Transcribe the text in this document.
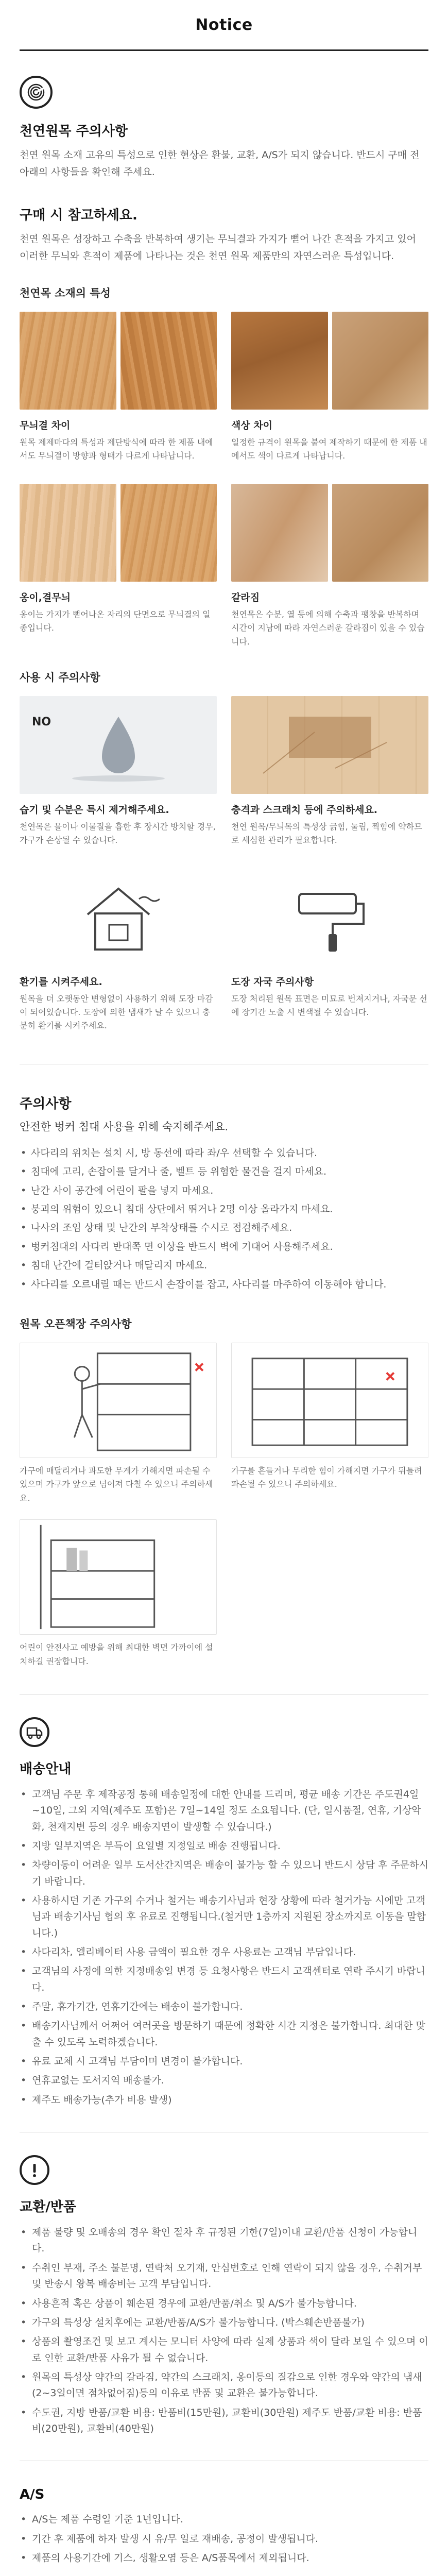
Notice
천연원목 주의사항

천연 원목 소재 고유의 특성으로 인한 현상은 환불, 교환, A/S가 되지 않습니다. 반드시 구매 전 아래의 사항들을 확인해 주세요.

구매 시 참고하세요.

천연 원목은 성장하고 수축을 반복하여 생기는 무늬결과 가지가 뻗어 나간 흔적을 가지고 있어 이러한 무늬와 흔적이 제품에 나타나는 것은 천연 원목 제품만의 자연스러운 특성입니다.

천연목 소재의 특성
무늬결 차이
원목 제제마다의 특성과 제단방식에 따라 한 제품 내에서도 무늬결이 방향과 형태가 다르게 나타납니다.
색상 차이
일정한 규격이 원목을 붙여 제작하기 때문에 한 제품 내에서도 색이 다르게 나타납니다.
옹이,결무늬
옹이는 가지가 뻗어나온 자리의 단면으로 무늬결의 일종입니다.
갈라짐
천연목은 수분, 열 등에 의해 수축과 팽창을 반복하며 시간이 지남에 따라 자연스러운 갈라짐이 있을 수 있습니다.
사용 시 주의사항
NO
습기 및 수분은 특시 제거해주세요.
천연목은 물이나 이물질을 흡한 후 장시간 방치할 경우, 가구가 손상될 수 있습니다.
충격과 스크래치 등에 주의하세요.
천연 원목/무늬목의 특성상 긁힘, 눌림, 찍힘에 약하므로 세심한 관리가 필요합니다.
환기를 시켜주세요.
원목을 더 오랫동안 변형없이 사용하기 위해 도장 마감이 되어있습니다. 도장에 의한 냄새가 날 수 있으니 충분히 환기를 시켜주세요.
도장 자국 주의사항
도장 처리된 원목 표면은 미묘로 번져지거나, 자국문 선에 장기간 노출 시 변색될 수 있습니다.
주의사항

안전한 벙커 침대 사용을 위해 숙지해주세요.

• 사다리의 위치는 설치 시, 방 동선에 따라 좌/우 선택할 수 있습니다.
• 침대에 고리, 손잡이를 달거나 줄, 벨트 등 위험한 물건을 걸지 마세요.
• 난간 사이 공간에 어린이 팔을 넣지 마세요.
• 붕괴의 위험이 있으니 침대 상단에서 뛰거나 2명 이상 올라가지 마세요.
• 나사의 조임 상태 및 난간의 부착상태를 수시로 점검해주세요.
• 벙커침대의 사다리 반대쪽 면 이상을 반드시 벽에 기대어 사용해주세요.
• 침대 난간에 걸터앉거나 매달리지 마세요.
• 사다리를 오르내릴 때는 반드시 손잡이를 잡고, 사다리를 마주하여 이동해야 합니다.
원목 오픈책장 주의사항
가구에 매달리거나 과도한 무게가 가해지면 파손될 수 있으며 가구가 앞으로 넘어져 다칠 수 있으니 주의하세요.
가구를 흔들거나 무리한 힘이 가해지면 가구가 뒤틀려 파손될 수 있으니 주의하세요.
어린이 안전사고 예방을 위해 최대한 벽면 가까이에 설치하길 권장합니다.
배송안내
• 고객님 주문 후 제작공정 통해 배송일정에 대한 안내를 드리며, 평균 배송 기간은 주도권4일~10일, 그외 지역(제주도 포함)은 7일~14일 정도 소요됩니다. (단, 일시품절, 연휴, 기상악화, 천재지변 등의 경우 배송지연이 발생할 수 있습니다.)
• 지방 일부지역은 부득이 요일별 지정일로 배송 진행됩니다.
• 차량이동이 어려운 일부 도서산간지역은 배송이 불가능 할 수 있으니 반드시 상담 후 주문하시기 바랍니다.
• 사용하시던 기존 가구의 수거나 철거는 배송기사님과 현장 상황에 따라 철거가능 시에만 고객님과 배송기사님 협의 후 유료로 진행됩니다.(철거만 1층까지 지원된 장소까지로 이동을 말합니다.)
• 사다리차, 엘리베이터 사용 금액이 필요한 경우 사용료는 고객님 부담입니다.
• 고객님의 사정에 의한 지정배송일 변경 등 요청사항은 반드시 고객센터로 연락 주시기 바랍니다.
• 주말, 휴가기간, 연휴기간에는 배송이 불가합니다.
• 배송기사님께서 어쩌어 여러곳을 방문하기 때문에 정확한 시간 지정은 불가합니다. 최대한 맞출 수 있도록 노력하겠습니다.
• 유료 교체 시 고객님 부담이며 변경이 불가합니다.
• 연휴교없는 도서지역 배송불가.
• 제주도 배송가능(추가 비용 발생)
교환/반품
• 제품 불량 및 오배송의 경우 확인 절차 후 규정된 기한(7일)이내 교환/반품 신청이 가능합니다.
• 수취인 부재, 주소 불분명, 연락처 오기재, 안심번호로 인해 연락이 되지 않을 경우, 수취거부 및 반송시 왕복 배송비는 고객 부담입니다.
• 사용흔적 혹은 상품이 훼손된 경우에 교환/반품/취소 및 A/S가 불가능합니다.
• 가구의 특성상 설치후에는 교환/반품/A/S가 불가능합니다. (박스훼손반품불가)
• 상품의 촬영조건 및 보고 계시는 모니터 사양에 따라 실제 상품과 색이 달라 보일 수 있으며 이로 인한 교환/반품 사유가 될 수 없습니다.
• 원목의 특성상 약간의 갈라짐, 약간의 스크래치, 옹이등의 질감으로 인한 경우와 약간의 냄새(2~3일이면 점차없어짐)등의 이유로 반품 및 교환은 불가능합니다.
• 수도권, 지방 반품/교환 비용: 반품비(15만원), 교환비(30만원) 제주도 반품/교환 비용: 반품비(20만원), 교환비(40만원)
A/S
• A/S는 제품 수령일 기준 1년입니다.
• 기간 후 제품에 하자 발생 시 유/무 일로 재배송, 공정이 발생됩니다.
• 제품의 사용기간에 기스, 생활오염 등은 A/S품목에서 제외됩니다.
